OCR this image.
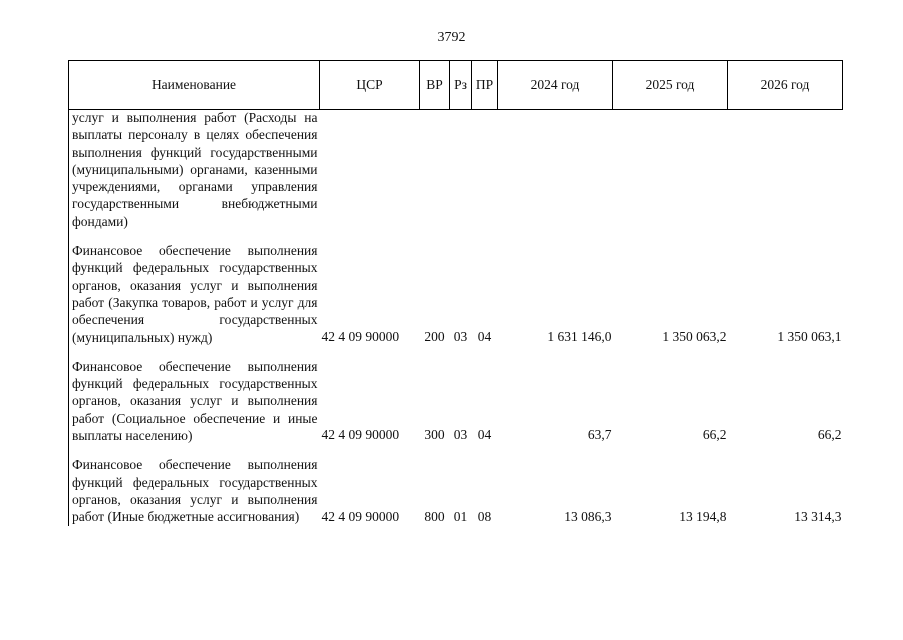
3792
Наименование	ЦСР	ВР	Рз	ПР	2024 год	2025 год	2026 год
услуг и выполнения работ (Расходы на выплаты персоналу в целях обеспечения выполнения функций государственными (муниципальными) органами, казенными учреждениями, органами управления государственными внебюджетными фондами)							

Финансовое обеспечение выполнения функций федеральных государственных органов, оказания услуг и выполнения работ (Закупка товаров, работ и услуг для обеспечения государственных (муниципальных) нужд)	42 4 09 90000	200	03	04	1 631 146,0	1 350 063,2	1 350 063,1

Финансовое обеспечение выполнения функций федеральных государственных органов, оказания услуг и выполнения работ (Социальное обеспечение и иные выплаты населению)	42 4 09 90000	300	03	04	63,7	66,2	66,2

Финансовое обеспечение выполнения функций федеральных государственных органов, оказания услуг и выполнения работ (Иные бюджетные ассигнования)	42 4 09 90000	800	01	08	13 086,3	13 194,8	13 314,3
